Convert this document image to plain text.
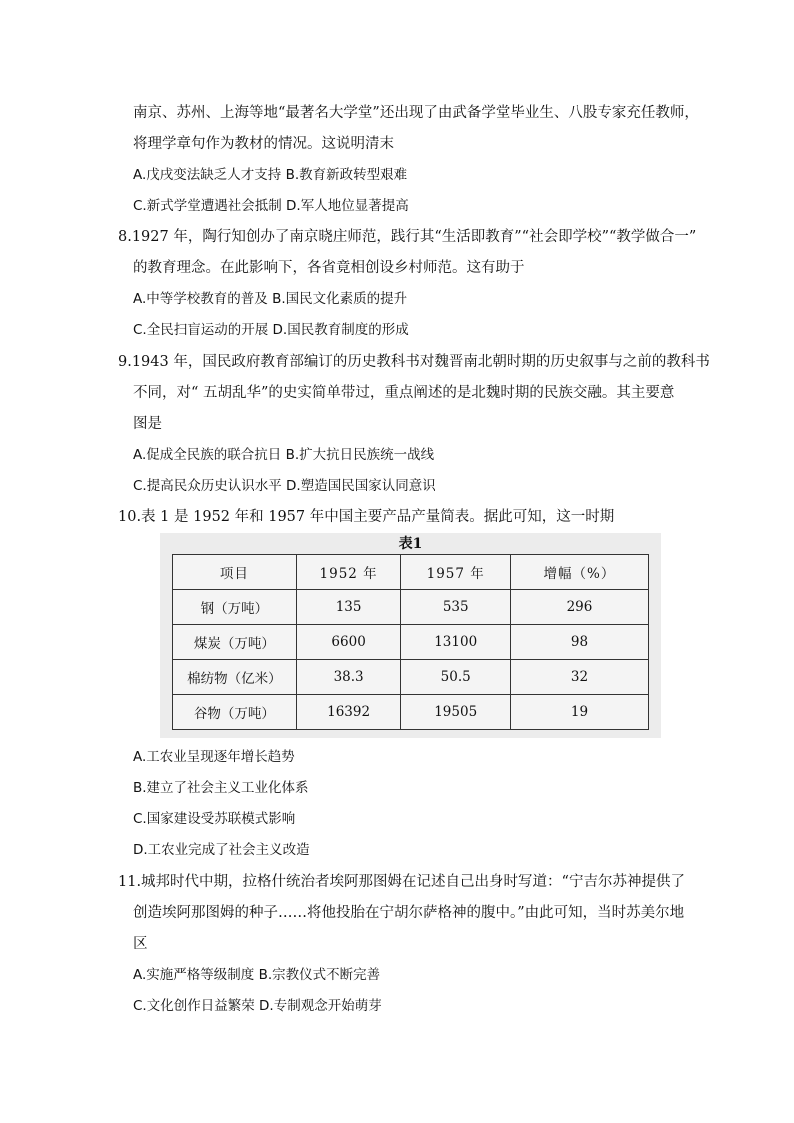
南京、苏州、上海等地“最著名大学堂”还出现了由武备学堂毕业生、八股专家充任教师，
将理学章句作为教材的情况。这说明清末
A.戊戌变法缺乏人才支持 B.教育新政转型艰难
C.新式学堂遭遇社会抵制 D.军人地位显著提高
8.1927 年，陶行知创办了南京晓庄师范，践行其“生活即教育”“社会即学校”“教学做合一”
的教育理念。在此影响下，各省竟相创设乡村师范。这有助于
A.中等学校教育的普及 B.国民文化素质的提升
C.全民扫盲运动的开展 D.国民教育制度的形成
9.1943 年，国民政府教育部编订的历史教科书对魏晋南北朝时期的历史叙事与之前的教科书
不同，对“ 五胡乱华”的史实简单带过，重点阐述的是北魏时期的民族交融。其主要意
图是
A.促成全民族的联合抗日 B.扩大抗日民族统一战线
C.提高民众历史认识水平 D.塑造国民国家认同意识
10.表 1 是 1952 年和 1957 年中国主要产品产量简表。据此可知，这一时期
表1
项目	1952 年	1957 年	增幅（%）
钢（万吨）	135	535	296
煤炭（万吨）	6600	13100	98
棉纺物（亿米）	38.3	50.5	32
谷物（万吨）	16392	19505	19
A.工农业呈现逐年增长趋势
B.建立了社会主义工业化体系
C.国家建设受苏联模式影响
D.工农业完成了社会主义改造
11.城邦时代中期，拉格什统治者埃阿那图姆在记述自己出身时写道：“宁吉尔苏神提供了
创造埃阿那图姆的种子……将他投胎在宁胡尔萨格神的腹中。”由此可知，当时苏美尔地
区
A.实施严格等级制度 B.宗教仪式不断完善
C.文化创作日益繁荣 D.专制观念开始萌芽
